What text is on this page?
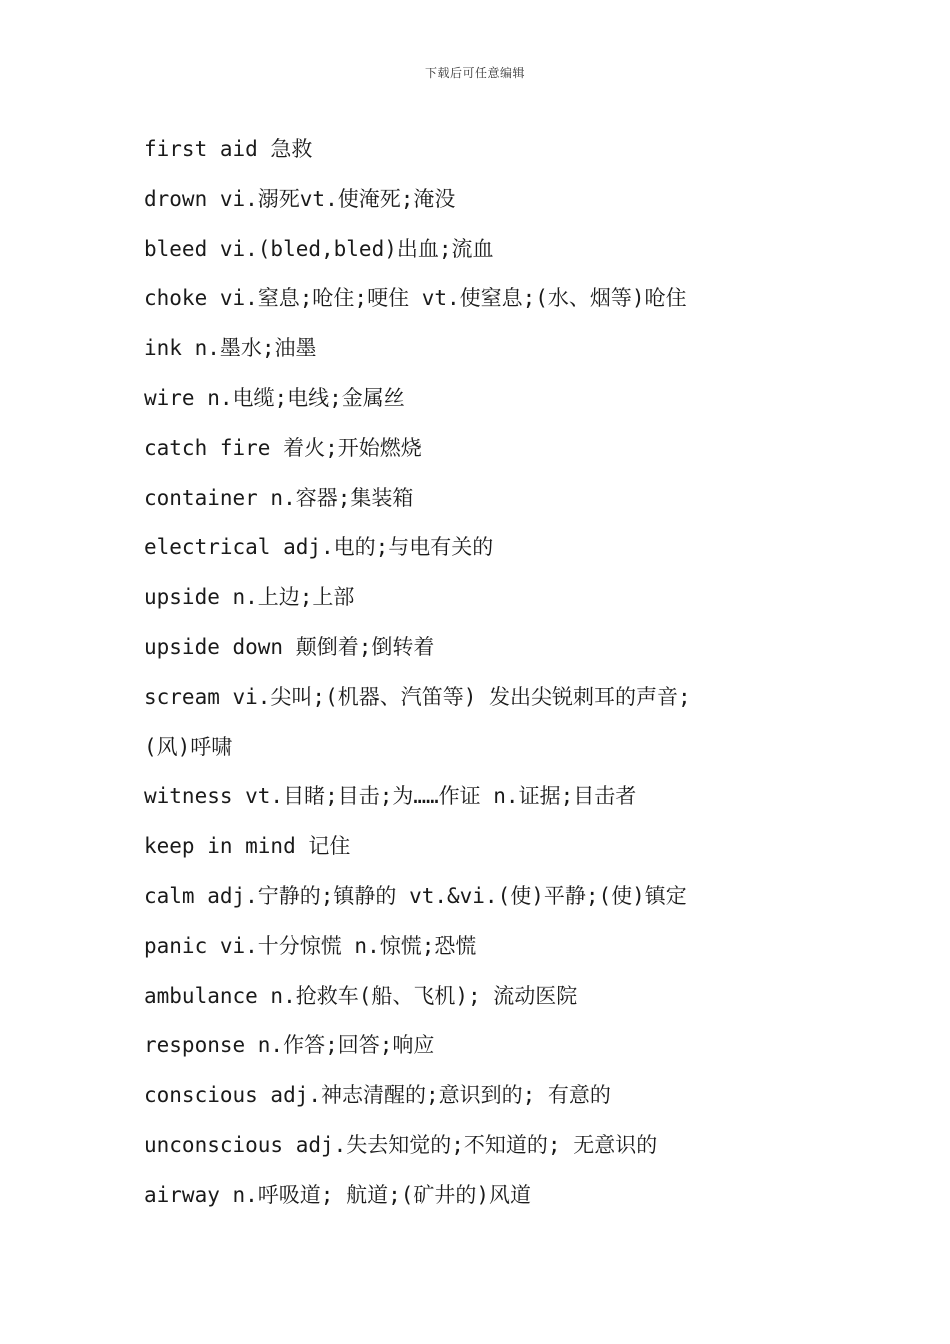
下载后可任意编辑
first aid 急救
drown vi.溺死vt.使淹死;淹没
bleed vi.(bled,bled)出血;流血
choke vi.窒息;呛住;哽住 vt.使窒息;(水、烟等)呛住
ink n.墨水;油墨
wire n.电缆;电线;金属丝
catch fire 着火;开始燃烧
container n.容器;集装箱
electrical adj.电的;与电有关的
upside n.上边;上部
upside down 颠倒着;倒转着
scream vi.尖叫;(机器、汽笛等) 发出尖锐刺耳的声音;
(风)呼啸
witness vt.目睹;目击;为……作证 n.证据;目击者
keep in mind 记住
calm adj.宁静的;镇静的 vt.&vi.(使)平静;(使)镇定
panic vi.十分惊慌 n.惊慌;恐慌
ambulance n.抢救车(船、飞机); 流动医院
response n.作答;回答;响应
conscious adj.神志清醒的;意识到的; 有意的
unconscious adj.失去知觉的;不知道的; 无意识的
airway n.呼吸道; 航道;(矿井的)风道
